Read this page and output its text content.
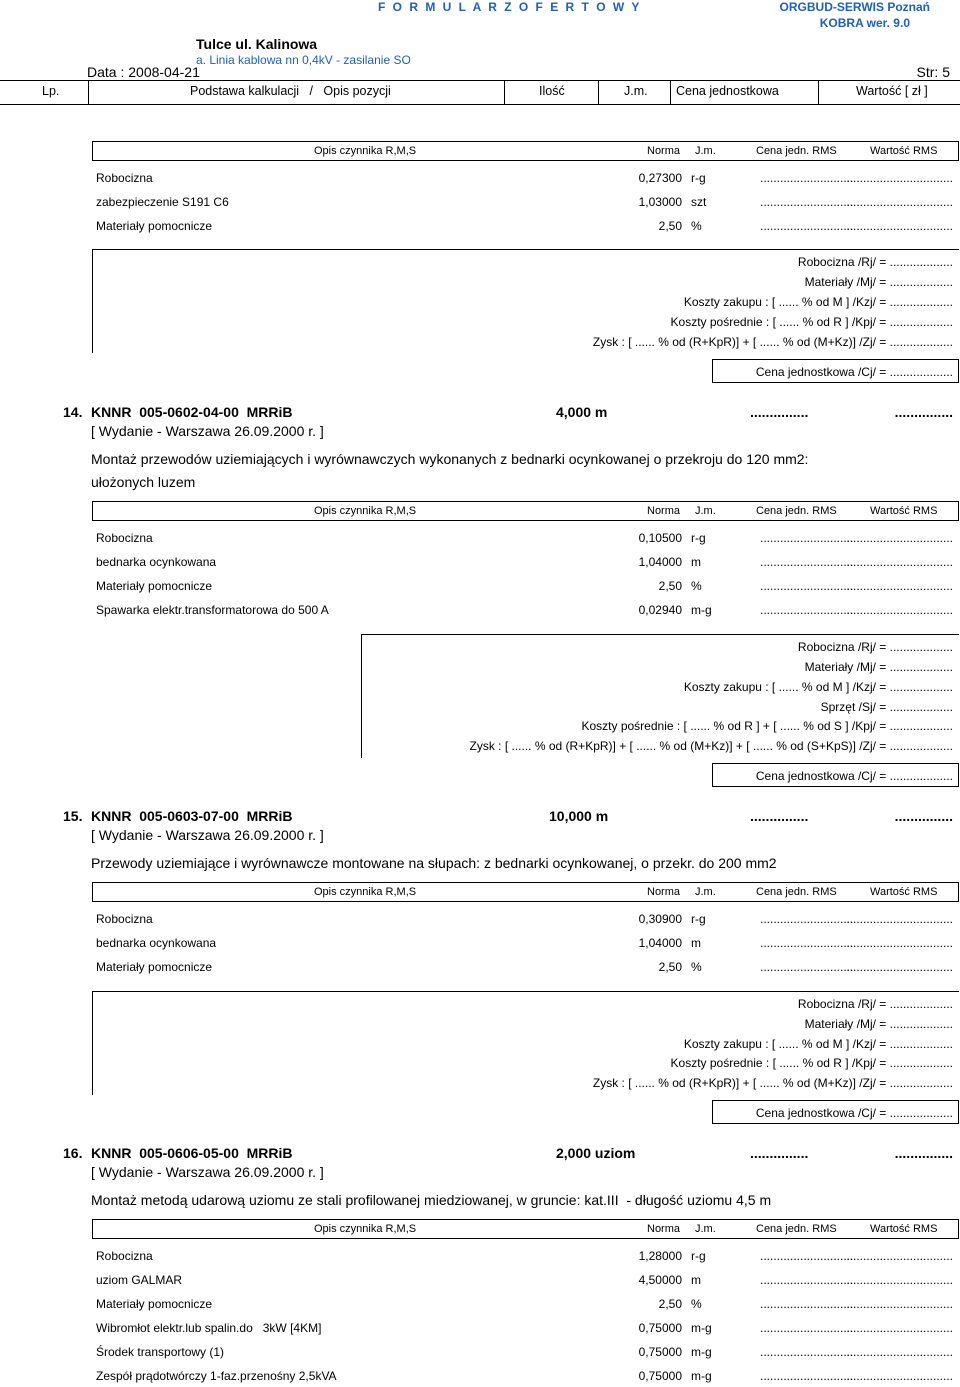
F O R M U L A R Z O F E R T O W Y	ORGBUD-SERWIS Poznań
KOBRA wer. 9.0
Tulce ul. Kalinowa
a. Linia kablowa nn 0,4kV - zasilanie SO
Data : 2008-04-21	Str: 5
Lp.	Podstawa kalkulacji   /   Opis pozycji	Ilość	J.m. Cena jednostkowa	Wartość [ zł ]
Opis czynnika R,M,S	Norma J.m.	Cena jedn. RMS	Wartość RMS
Robocizna	0,27300 r-g	............................
................................
zabezpieczenie S191 C6	1,03000 szt	............................
................................
Materiały pomocnicze	2,50 %	............................
................................
Robocizna /Rj/ = ...................
Materiały /Mj/ = ...................
Koszty zakupu : [ ...... % od M ] /Kzj/ = ...................
Koszty pośrednie : [ ...... % od R ] /Kpj/ = ...................
Zysk : [ ...... % od (R+KpR)] + [ ...... % od (M+Kz)] /Zj/ = ...................
Cena jednostkowa /Cj/ = ...................
14. KNNR  005-0602-04-00  MRRiB	4,000 m	...............	...............
[ Wydanie - Warszawa 26.09.2000 r. ]
Montaż przewodów uziemiających i wyrównawczych wykonanych z bednarki ocynkowanej o przekroju do 120 mm2: ułożonych luzem
Opis czynnika R,M,S	Norma J.m.	Cena jedn. RMS	Wartość RMS
Robocizna	0,10500 r-g	............................
................................
bednarka ocynkowana	1,04000 m	............................
................................
Materiały pomocnicze	2,50 %	............................
................................
Spawarka elektr.transformatorowa do 500 A	0,02940 m-g	............................
................................
Robocizna /Rj/ = ...................
Materiały /Mj/ = ...................
Koszty zakupu : [ ...... % od M ] /Kzj/ = ...................
Sprzęt /Sj/ = ...................
Koszty pośrednie : [ ...... % od R ] + [ ...... % od S ] /Kpj/ = ...................
Zysk : [ ...... % od (R+KpR)] + [ ...... % od (M+Kz)] + [ ...... % od (S+KpS)] /Zj/ = ...................
Cena jednostkowa /Cj/ = ...................
15. KNNR  005-0603-07-00  MRRiB	10,000 m	...............	...............
[ Wydanie - Warszawa 26.09.2000 r. ]
Przewody uziemiające i wyrównawcze montowane na słupach: z bednarki ocynkowanej, o przekr. do 200 mm2
Opis czynnika R,M,S	Norma J.m.	Cena jedn. RMS	Wartość RMS
Robocizna	0,30900 r-g	............................
................................
bednarka ocynkowana	1,04000 m	............................
................................
Materiały pomocnicze	2,50 %	............................
................................
Robocizna /Rj/ = ...................
Materiały /Mj/ = ...................
Koszty zakupu : [ ...... % od M ] /Kzj/ = ...................
Koszty pośrednie : [ ...... % od R ] /Kpj/ = ...................
Zysk : [ ...... % od (R+KpR)] + [ ...... % od (M+Kz)] /Zj/ = ...................
Cena jednostkowa /Cj/ = ...................
16. KNNR  005-0606-05-00  MRRiB	2,000 uziom	...............	...............
[ Wydanie - Warszawa 26.09.2000 r. ]
Montaż metodą udarową uziomu ze stali profilowanej miedziowanej, w gruncie: kat.III  - długość uziomu 4,5 m
Opis czynnika R,M,S	Norma J.m.	Cena jedn. RMS	Wartość RMS
Robocizna	1,28000 r-g	............................
................................
uziom GALMAR	4,50000 m	............................
................................
Materiały pomocnicze	2,50 %	............................
................................
Wibromłot elektr.lub spalin.do   3kW [4KM]	0,75000 m-g	............................
................................
Środek transportowy (1)	0,75000 m-g	............................
................................
Zespół prądotwórczy 1-faz.przenośny 2,5kVA	0,75000 m-g	............................
................................
